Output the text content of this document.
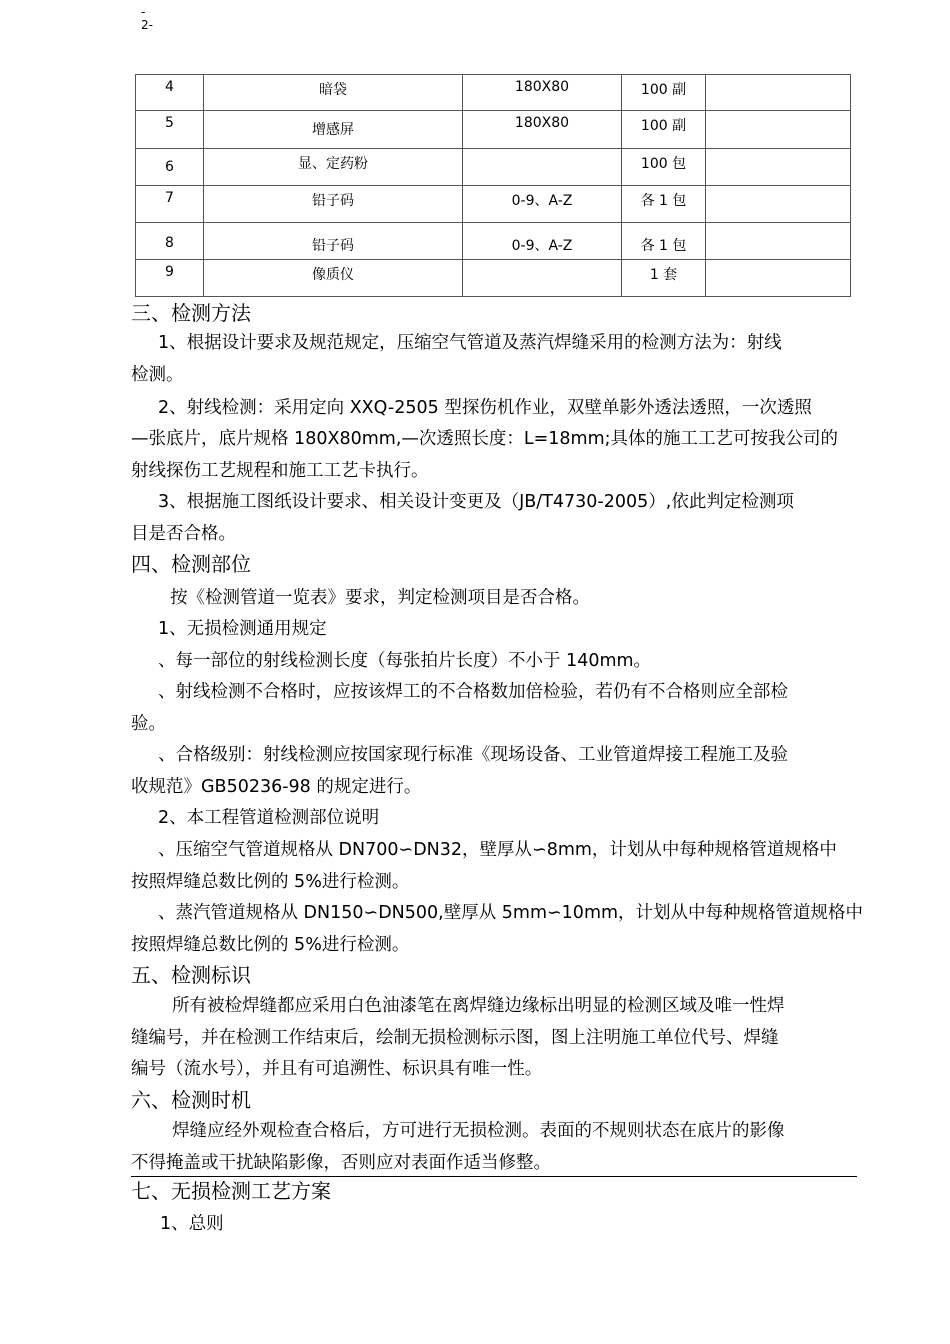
-
2-
4	暗袋	180X80	100 副	

5	增感屏	180X80	100 副	

6	显、定药粉		100 包	

7	铅子码	0-9、A-Z	各 1 包	

8	铅子码	0-9、A-Z	各 1 包	

9	像质仪		1 套	

三、检测方法
1、根据设计要求及规范规定，压缩空气管道及蒸汽焊缝采用的检测方法为：射线
检测。
2、射线检测：采用定向 XXQ-2505 型探伤机作业，双壁单影外透法透照，一次透照
—张底片，底片规格 180X80mm,—次透照长度：L=18mm;具体的施工工艺可按我公司的
射线探伤工艺规程和施工工艺卡执行。
3、根据施工图纸设计要求、相关设计变更及（JB/T4730-2005）,依此判定检测项
目是否合格。
四、检测部位
按《检测管道一览表》要求，判定检测项目是否合格。
1、无损检测通用规定
、每一部位的射线检测长度（每张拍片长度）不小于 140mm。
、射线检测不合格时，应按该焊工的不合格数加倍检验，若仍有不合格则应全部检
验。
、合格级别：射线检测应按国家现行标准《现场设备、工业管道焊接工程施工及验
收规范》GB50236-98 的规定进行。
2、本工程管道检测部位说明
、压缩空气管道规格从 DN700∽DN32，壁厚从∽8mm，计划从中每种规格管道规格中
按照焊缝总数比例的 5%进行检测。
、蒸汽管道规格从 DN150∽DN500,壁厚从 5mm∽10mm，计划从中每种规格管道规格中
按照焊缝总数比例的 5%进行检测。
五、检测标识
所有被检焊缝都应采用白色油漆笔在离焊缝边缘标出明显的检测区域及唯一性焊
缝编号，并在检测工作结束后，绘制无损检测标示图，图上注明施工单位代号、焊缝
编号（流水号），并且有可追溯性、标识具有唯一性。
六、检测时机
焊缝应经外观检查合格后，方可进行无损检测。表面的不规则状态在底片的影像
不得掩盖或干扰缺陷影像，否则应对表面作适当修整。
七、无损检测工艺方案
1、总则
